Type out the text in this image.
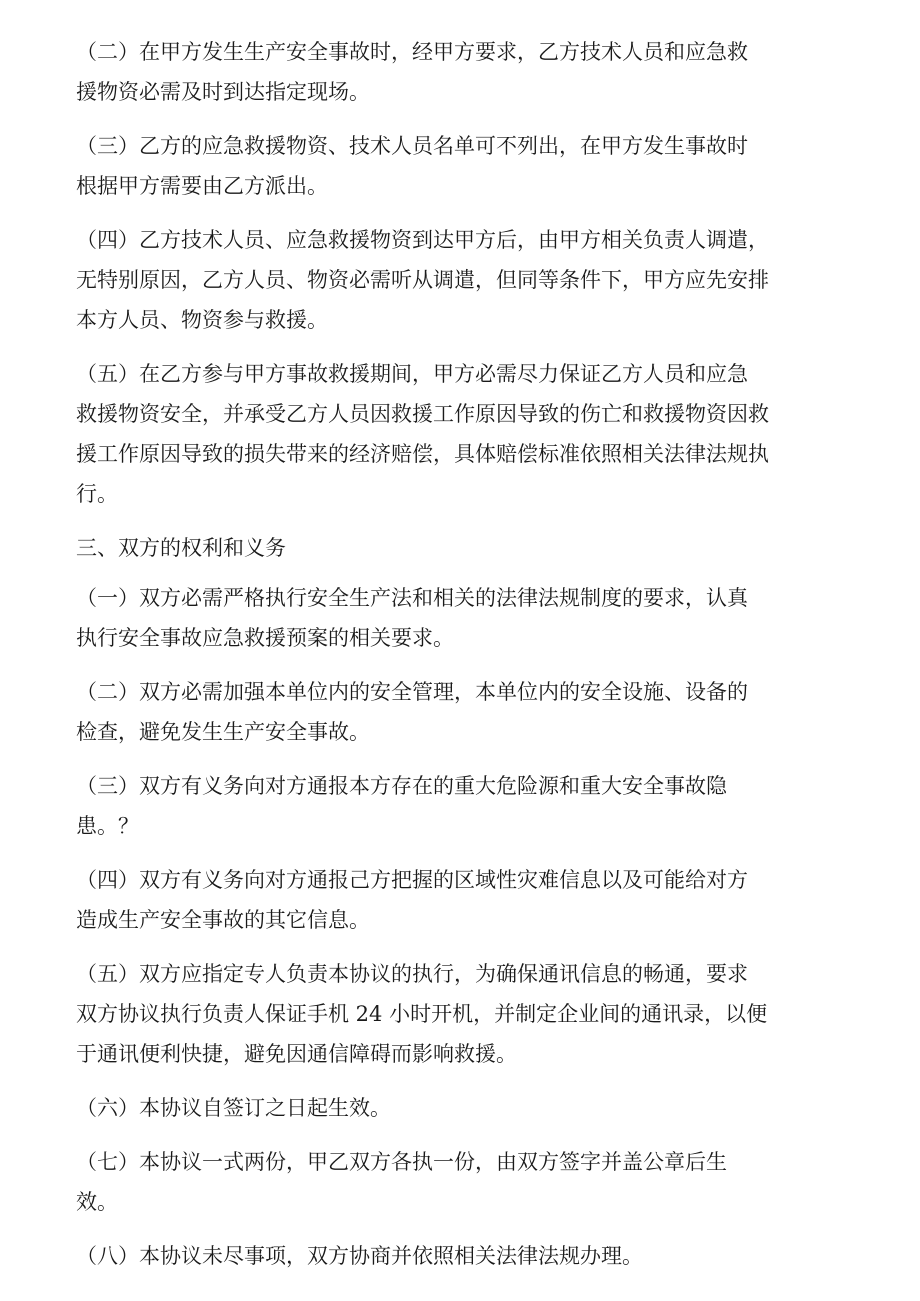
（二）在甲方发生生产安全事故时，经甲方要求，乙方技术人员和应急救
援物资必需及时到达指定现场。
（三）乙方的应急救援物资、技术人员名单可不列出，在甲方发生事故时
根据甲方需要由乙方派出。
（四）乙方技术人员、应急救援物资到达甲方后，由甲方相关负责人调遣，
无特别原因，乙方人员、物资必需听从调遣，但同等条件下，甲方应先安排
本方人员、物资参与救援。
（五）在乙方参与甲方事故救援期间，甲方必需尽力保证乙方人员和应急
救援物资安全，并承受乙方人员因救援工作原因导致的伤亡和救援物资因救
援工作原因导致的损失带来的经济赔偿，具体赔偿标准依照相关法律法规执
行。
三、双方的权利和义务
（一）双方必需严格执行安全生产法和相关的法律法规制度的要求，认真
执行安全事故应急救援预案的相关要求。
（二）双方必需加强本单位内的安全管理，本单位内的安全设施、设备的
检查，避免发生生产安全事故。
（三）双方有义务向对方通报本方存在的重大危险源和重大安全事故隐
患。？
（四）双方有义务向对方通报己方把握的区域性灾难信息以及可能给对方
造成生产安全事故的其它信息。
（五）双方应指定专人负责本协议的执行，为确保通讯信息的畅通，要求
双方协议执行负责人保证手机 24 小时开机，并制定企业间的通讯录，以便
于通讯便利快捷，避免因通信障碍而影响救援。
（六）本协议自签订之日起生效。
（七）本协议一式两份，甲乙双方各执一份，由双方签字并盖公章后生
效。
（八）本协议未尽事项，双方协商并依照相关法律法规办理。
